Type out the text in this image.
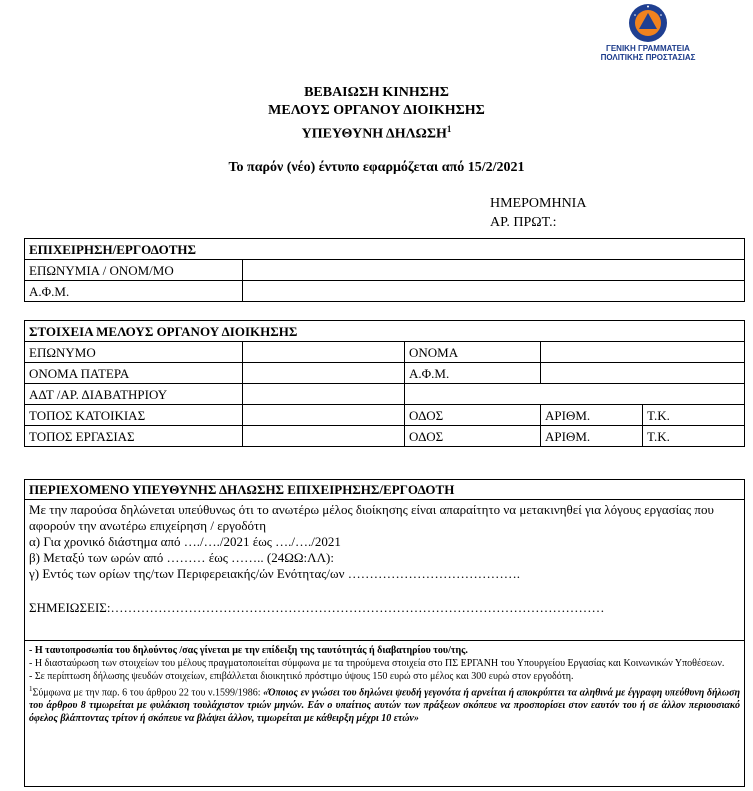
ΓΕΝΙΚΗ ΓΡΑΜΜΑΤΕΙΑ
ΠΟΛΙΤΙΚΗΣ ΠΡΟΣΤΑΣΙΑΣ
ΒΕΒΑΙΩΣΗ ΚΙΝΗΣΗΣ
ΜΕΛΟΥΣ ΟΡΓΑΝΟΥ ΔΙΟΙΚΗΣΗΣ
ΥΠΕΥΘΥΝΗ ΔΗΛΩΣΗ$^1$
Το παρόν (νέο) έντυπο εφαρμόζεται από 15/2/2021
ΗΜΕΡΟΜΗΝΙΑ
ΑΡ. ΠΡΩΤ.:
ΕΠΙΧΕΙΡΗΣΗ/ΕΡΓΟΔΟΤΗΣ	
ΕΠΩΝΥΜΙΑ / ΟΝΟΜ/ΜΟ	
Α.Φ.Μ.	
ΣΤΟΙΧΕΙΑ ΜΕΛΟΥΣ ΟΡΓΑΝΟΥ ΔΙΟΙΚΗΣΗΣ				
ΕΠΩΝΥΜΟ		ΟΝΟΜΑ		
ΟΝΟΜΑ ΠΑΤΕΡΑ		Α.Φ.Μ.		
ΑΔΤ /ΑΡ. ΔΙΑΒΑΤΗΡΙΟΥ				
ΤΟΠΟΣ ΚΑΤΟΙΚΙΑΣ		ΟΔΟΣ	ΑΡΙΘΜ.	Τ.Κ.
ΤΟΠΟΣ ΕΡΓΑΣΙΑΣ		ΟΔΟΣ	ΑΡΙΘΜ.	Τ.Κ.
ΠΕΡΙΕΧΟΜΕΝΟ ΥΠΕΥΘΥΝΗΣ ΔΗΛΩΣΗΣ ΕΠΙΧΕΙΡΗΣΗΣ/ΕΡΓΟΔΟΤΗ
Με την παρούσα δηλώνεται υπεύθυνως ότι το ανωτέρω μέλος διοίκησης είναι απαραίτητο να μετακινηθεί για λόγους εργασίας που αφορούν την ανωτέρω επιχείρηση / εργοδότη
α) Για χρονικό διάστημα από …./…./2021 έως …./…./2021
β) Μεταξύ των ωρών από ……… έως …….. (24ΩΩ:ΛΛ):
γ) Εντός των ορίων της/των Περιφερειακής/ών Ενότητας/ων ………………………………….
ΣΗΜΕΙΩΣΕΙΣ:……………………………………………………………………………………………………
- Η ταυτοπροσωπία του δηλούντος /σας γίνεται με την επίδειξη της ταυτότητάς ή διαβατηρίου του/της.
- Η διασταύρωση των στοιχείων του μέλους πραγματοποιείται σύμφωνα με τα τηρούμενα στοιχεία στο ΠΣ ΕΡΓΑΝΗ του Υπουργείου Εργασίας και Κοινωνικών Υποθέσεων.
- Σε περίπτωση δήλωσης ψευδών στοιχείων, επιβάλλεται διοικητικό πρόστιμο ύψους 150 ευρώ στο μέλος και 300 ευρώ στον εργοδότη.
$^1$Σύμφωνα με την παρ. 6 του άρθρου 22 του ν.1599/1986: «Όποιος εν γνώσει του δηλώνει ψευδή γεγονότα ή αρνείται ή αποκρύπτει τα αληθινά με έγγραφη υπεύθυνη δήλωση του άρθρου 8 τιμωρείται με φυλάκιση τουλάχιστον τριών μηνών. Εάν ο υπαίτιος αυτών των πράξεων σκόπευε να προσπορίσει στον εαυτόν του ή σε άλλον περιουσιακό όφελος βλάπτοντας τρίτον ή σκόπευε να βλάψει άλλον, τιμωρείται με κάθειρξη μέχρι 10 ετών»
